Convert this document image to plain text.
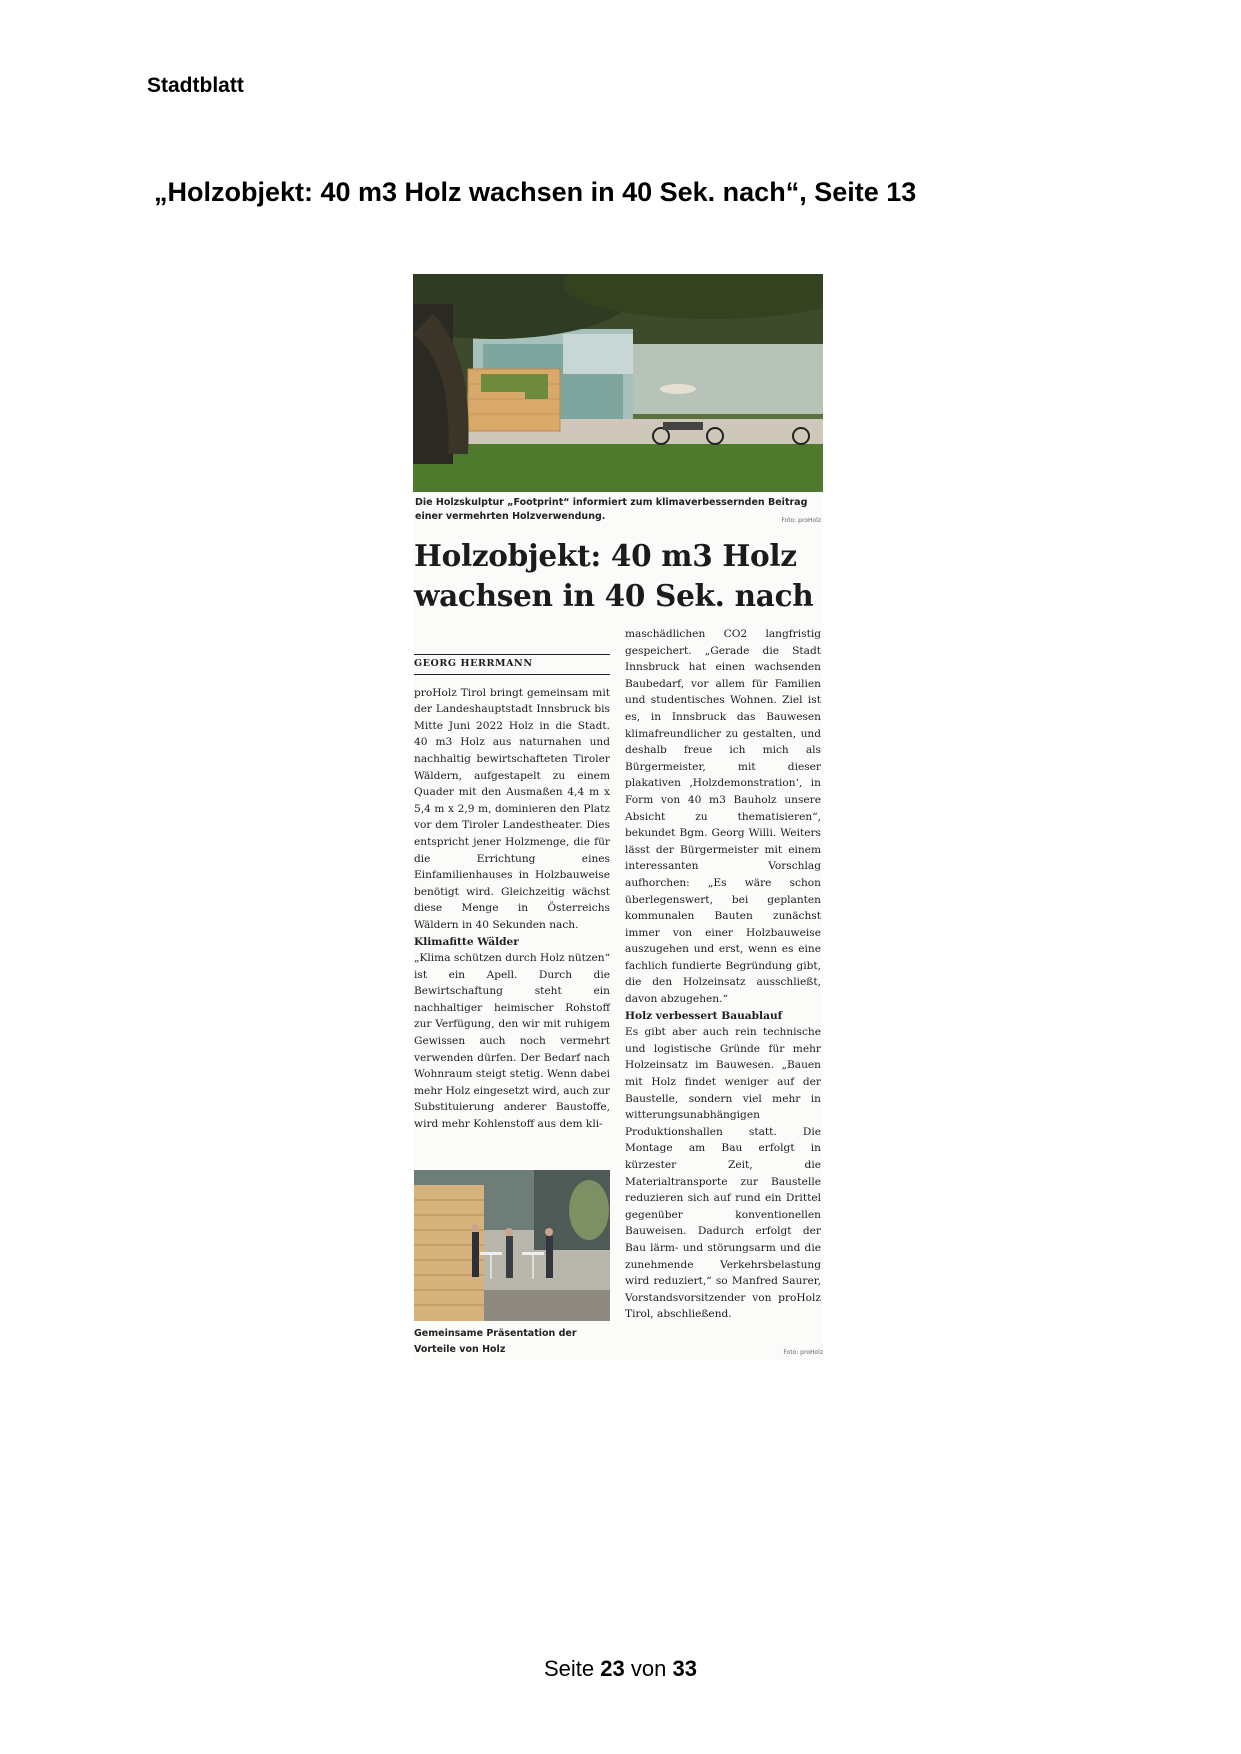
Stadtblatt
„Holzobjekt: 40 m3 Holz wachsen in 40 Sek. nach“, Seite 13
Die Holzskulptur „Footprint“ informiert zum klimaverbessernden Beitrag einer vermehrten Holzverwendung.	Foto: proHolz
Holzobjekt: 40 m3 Holz wachsen in 40 Sek. nach
GEORG HERRMANN

proHolz Tirol bringt gemeinsam mit der Landeshauptstadt Innsbruck bis Mitte Juni 2022 Holz in die Stadt. 40 m3 Holz aus naturnahen und nachhaltig bewirtschafteten Tiroler Wäldern, aufgestapelt zu einem Quader mit den Ausmaßen 4,4 m x 5,4 m x 2,9 m, dominieren den Platz vor dem Tiroler Landestheater. Dies entspricht jener Holzmenge, die für die Errichtung eines Einfamilienhauses in Holzbauweise benötigt wird. Gleichzeitig wächst diese Menge in Österreichs Wäldern in 40 Sekunden nach.

Klimafitte Wälder

„Klima schützen durch Holz nützen“ ist ein Apell. Durch die Bewirtschaftung steht ein nachhaltiger heimischer Rohstoff zur Verfügung, den wir mit ruhigem Gewissen auch noch vermehrt verwenden dürfen. Der Bedarf nach Wohnraum steigt stetig. Wenn dabei mehr Holz eingesetzt wird, auch zur Substituierung anderer Baustoffe, wird mehr Kohlenstoff aus dem kli-

maschädlichen CO2 langfristig gespeichert. „Gerade die Stadt Innsbruck hat einen wachsenden Baubedarf, vor allem für Familien und studentisches Wohnen. Ziel ist es, in Innsbruck das Bauwesen klimafreundlicher zu gestalten, und deshalb freue ich mich als Bürgermeister, mit dieser plakativen ‚Holzdemonstration‘, in Form von 40 m3 Bauholz unsere Absicht zu thematisieren“, bekundet Bgm. Georg Willi. Weiters lässt der Bürgermeister mit einem interessanten Vorschlag aufhorchen: „Es wäre schon überlegenswert, bei geplanten kommunalen Bauten zunächst immer von einer Holzbauweise auszugehen und erst, wenn es eine fachlich fundierte Begründung gibt, die den Holzeinsatz ausschließt, davon abzugehen.“

Holz verbessert Bauablauf

Es gibt aber auch rein technische und logistische Gründe für mehr Holzeinsatz im Bauwesen. „Bauen mit Holz findet weniger auf der Baustelle, sondern viel mehr in witterungsunabhängigen Produktionshallen statt. Die Montage am Bau erfolgt in kürzester Zeit, die Materialtransporte zur Baustelle reduzieren sich auf rund ein Drittel gegenüber konventionellen Bauweisen. Dadurch erfolgt der Bau lärm- und störungsarm und die zunehmende Verkehrsbelastung wird reduziert,“ so Manfred Saurer, Vorstandsvorsitzender von proHolz Tirol, abschließend.

Gemeinsame Präsentation der Vorteile von Holz	Foto: proHolz
Seite 23 von 33
